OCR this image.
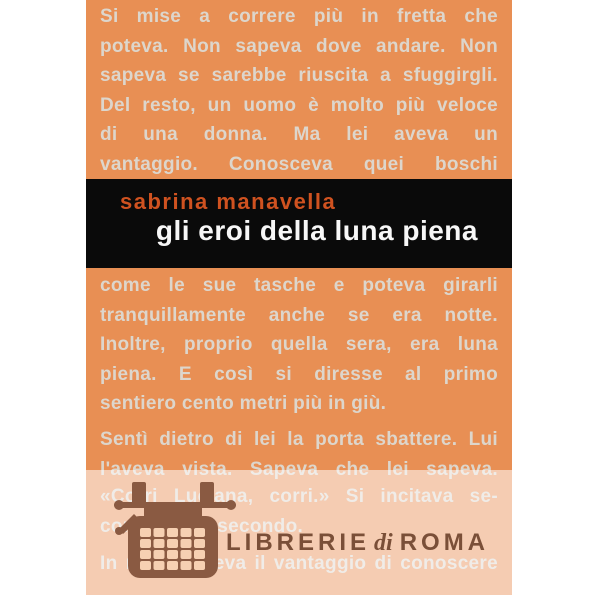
Si mise a correre più in fretta che
poteva. Non sapeva dove andare. Non
sapeva se sarebbe riuscita a sfuggirgli.
Del resto, un uomo è molto più veloce
di una donna. Ma lei aveva un
vantaggio. Conosceva quei boschi
sabrina manavella
gli eroi della luna piena
come le sue tasche e poteva girarli
tranquillamente anche se era notte.
Inoltre, proprio quella sera, era luna
piena. E così si diresse al primo
sentiero cento metri più in giù.
Sentì dietro di lei la porta sbattere. Lui
LIBRERIE di ROMA
